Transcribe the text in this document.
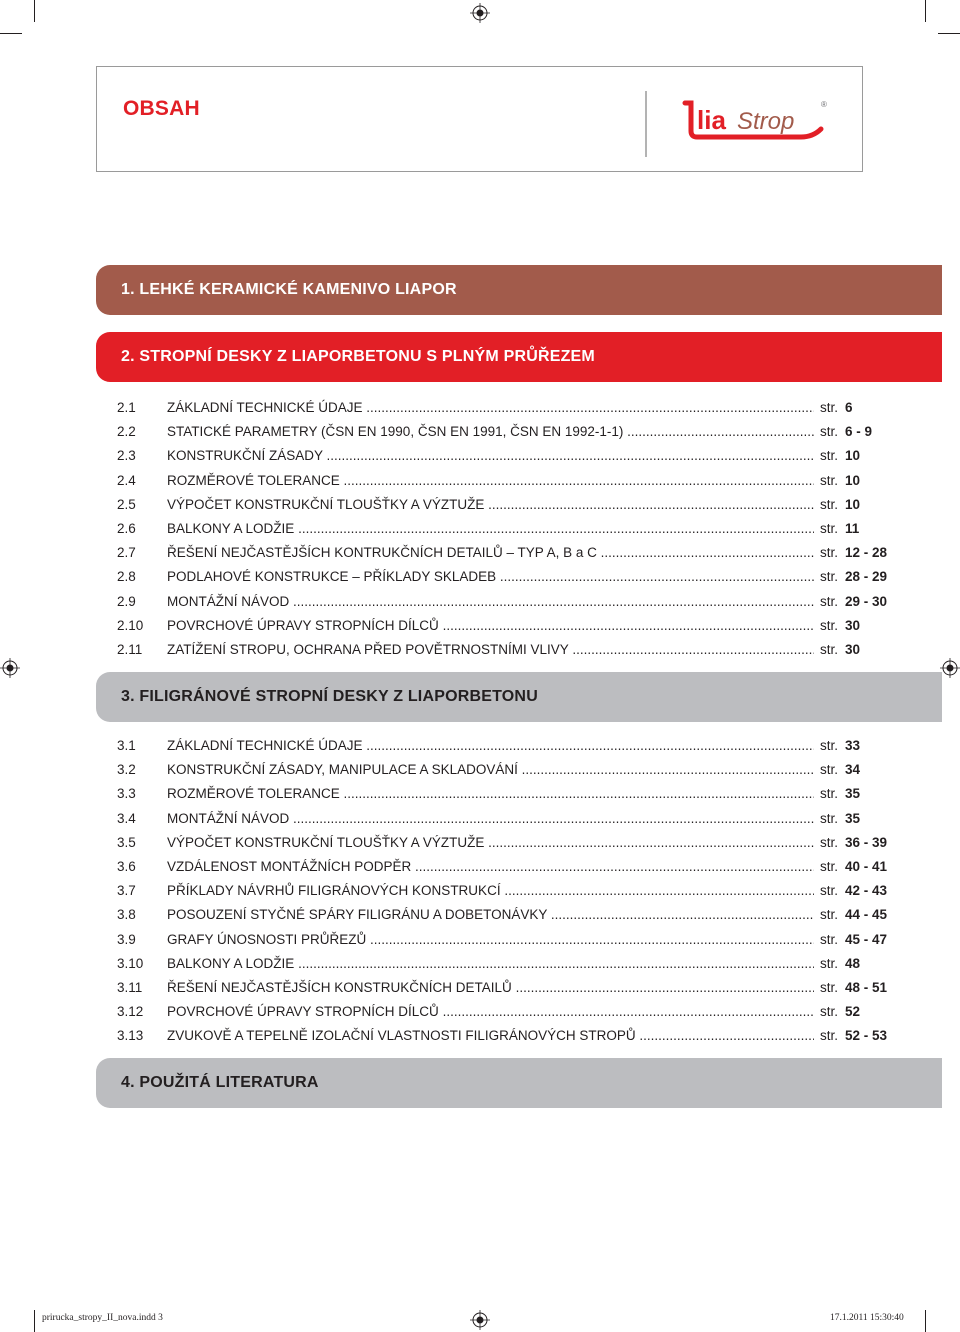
OBSAH	lia Strop
®
1. LEHKÉ KERAMICKÉ KAMENIVO LIAPOR
2. STROPNÍ DESKY Z LIAPORBETONU S PLNÝM PRŮŘEZEM
2.1 ZÁKLADNÍ TECHNICKÉ ÚDAJE .....	str. 6
2.2 STATICKÉ PARAMETRY (ČSN EN 1990, ČSN EN 1991, ČSN EN 1992-1-1) .....	str. 6 - 9
2.3 KONSTRUKČNÍ ZÁSADY .....	str. 10
2.4 ROZMĚROVÉ TOLERANCE .....	str. 10
2.5 VÝPOČET KONSTRUKČNÍ TLOUŠŤKY A VÝZTUŽE .....	str. 10
2.6 BALKONY A LODŽIE .....	str. 11
2.7 ŘEŠENÍ NEJČASTĚJŠÍCH KONTRUKČNÍCH DETAILŮ – TYP A, B a C .....	str. 12 - 28
2.8 PODLAHOVÉ KONSTRUKCE – PŘÍKLADY SKLADEB .....	str. 28 - 29
2.9 MONTÁŽNÍ NÁVOD .....	str. 29 - 30
2.10 POVRCHOVÉ ÚPRAVY STROPNÍCH DÍLCŮ .....	str. 30
2.11 ZATÍŽENÍ STROPU, OCHRANA PŘED POVĚTRNOSTNÍMI VLIVY .....	str. 30
3. FILIGRÁNOVÉ STROPNÍ DESKY Z LIAPORBETONU
3.1 ZÁKLADNÍ TECHNICKÉ ÚDAJE .....	str. 33
3.2 KONSTRUKČNÍ ZÁSADY, MANIPULACE A SKLADOVÁNÍ .....	str. 34
3.3 ROZMĚROVÉ TOLERANCE .....	str. 35
3.4 MONTÁŽNÍ NÁVOD .....	str. 35
3.5 VÝPOČET KONSTRUKČNÍ TLOUŠŤKY A VÝZTUŽE .....	str. 36 - 39
3.6 VZDÁLENOST MONTÁŽNÍCH PODPĚR .....	str. 40 - 41
3.7 PŘÍKLADY NÁVRHŮ FILIGRÁNOVÝCH KONSTRUKCÍ .....	str. 42 - 43
3.8 POSOUZENÍ STYČNÉ SPÁRY FILIGRÁNU A DOBETONÁVKY .....	str. 44 - 45
3.9 GRAFY ÚNOSNOSTI PRŮŘEZŮ .....	str. 45 - 47
3.10 BALKONY A LODŽIE .....	str. 48
3.11 ŘEŠENÍ NEJČASTĚJŠÍCH KONSTRUKČNÍCH DETAILŮ .....	str. 48 - 51
3.12 POVRCHOVÉ ÚPRAVY STROPNÍCH DÍLCŮ .....	str. 52
3.13 ZVUKOVĚ A TEPELNĚ IZOLAČNÍ VLASTNOSTI FILIGRÁNOVÝCH STROPŮ .....	str. 52 - 53
4. POUŽITÁ LITERATURA
prirucka_stropy_II_nova.indd 3	17.1.2011 15:30:40
